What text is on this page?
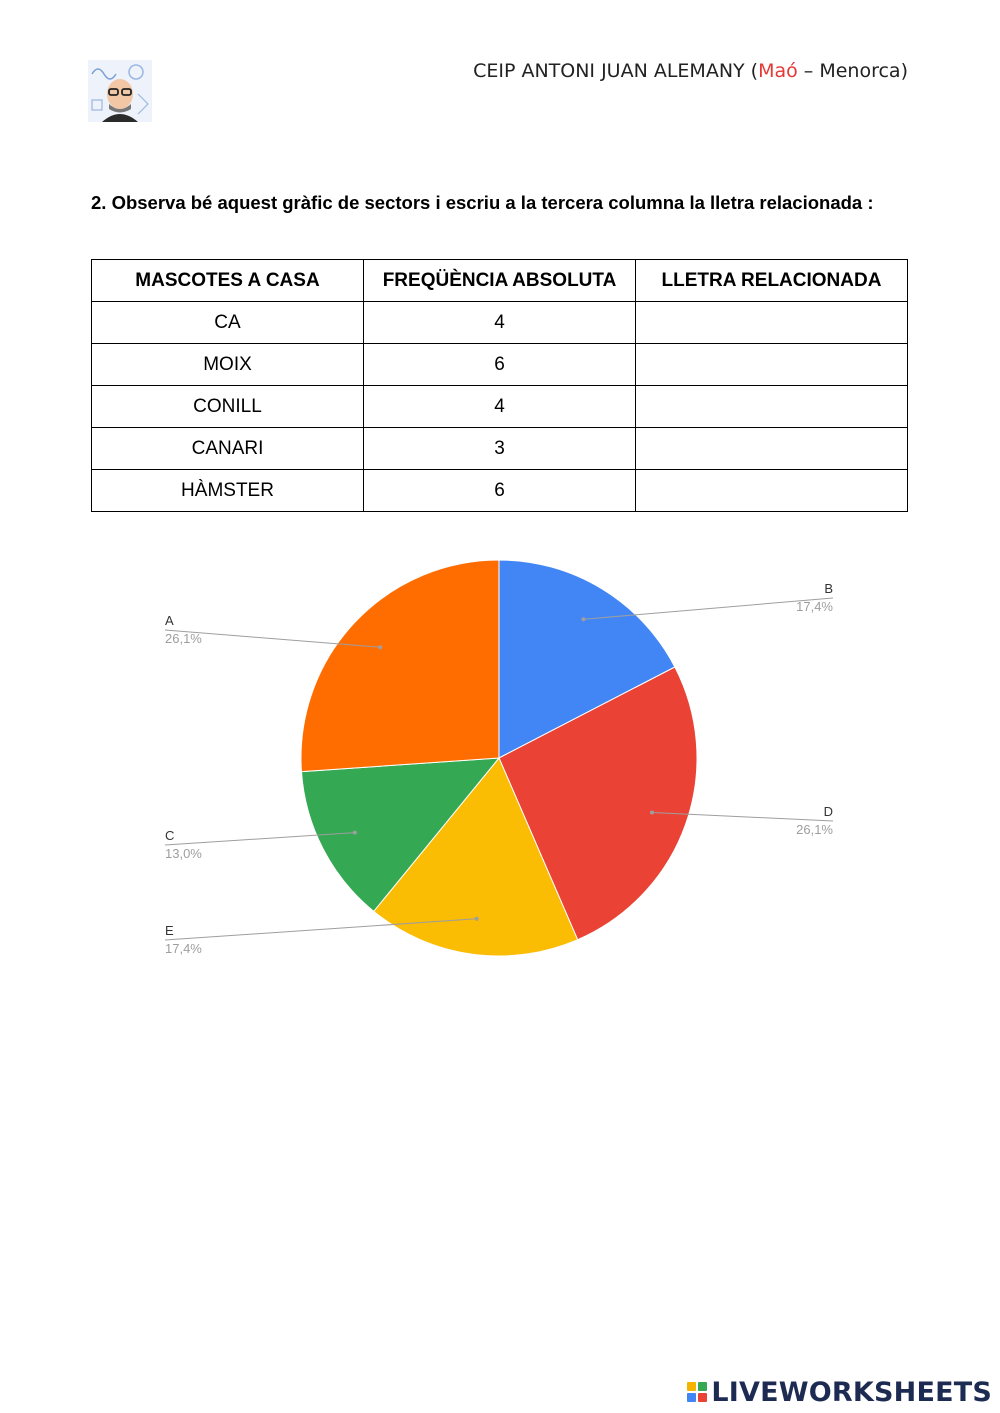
CEIP ANTONI JUAN ALEMANY (Maó – Menorca)
2. Observa bé aquest gràfic de sectors i escriu a la tercera columna la lletra relacionada :
MASCOTES A CASA	FREQÜÈNCIA ABSOLUTA	LLETRA RELACIONADA
CA	4	
MOIX	6	
CONILL	4	
CANARI	3	
HÀMSTER	6	
B
17,4%
D
26,1%
E
17,4%
C
13,0%
A
26,1%
LIVEWORKSHEETS
